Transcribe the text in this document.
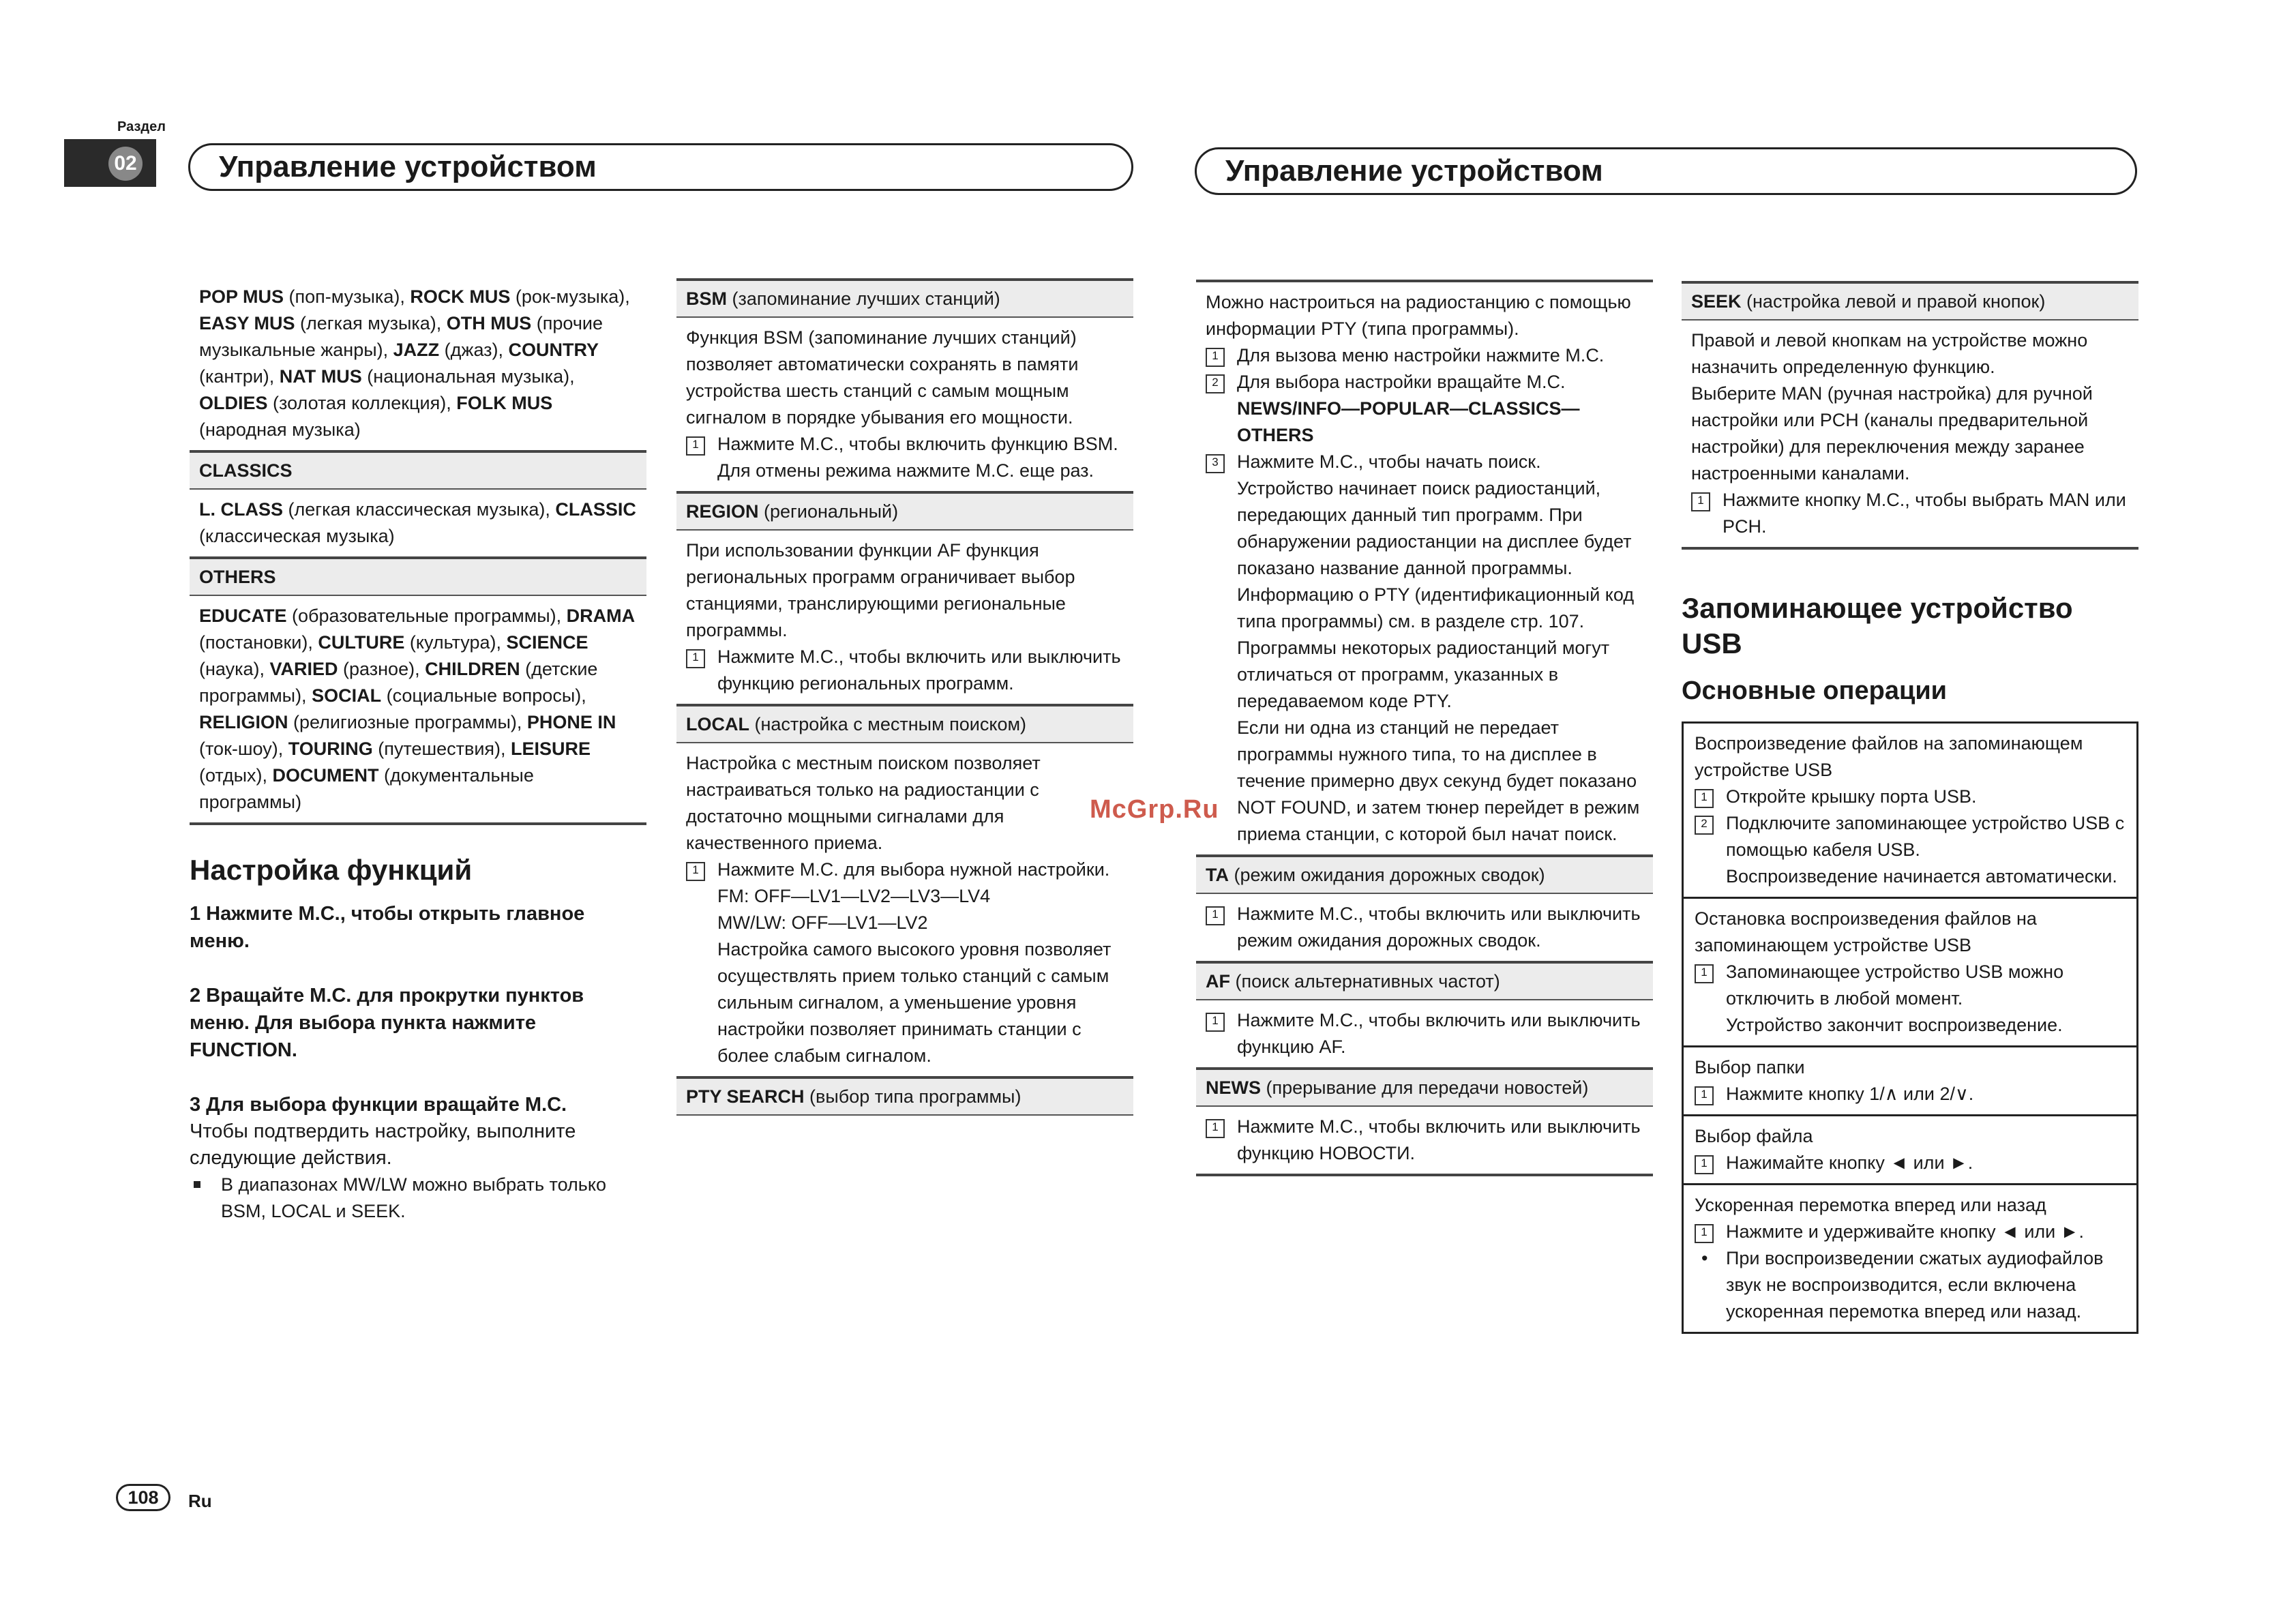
Раздел
02	Управление устройством	Управление устройством

POP MUS (поп-музыка), ROCK MUS (рок-музыка), EASY MUS (легкая музыка), OTH MUS (прочие музыкальные жанры), JAZZ (джаз), COUNTRY (кантри), NAT MUS (национальная музыка), OLDIES (золотая коллекция), FOLK MUS (народная музыка)

CLASSICS

L. CLASS (легкая классическая музыка), CLASSIC (классическая музыка)

OTHERS

EDUCATE (образовательные программы), DRAMA (постановки), CULTURE (культура), SCIENCE (наука), VARIED (разное), CHILDREN (детские программы), SOCIAL (социальные вопросы), RELIGION (религиозные программы), PHONE IN (ток-шоу), TOURING (путешествия), LEISURE (отдых), DOCUMENT (документальные программы)

Настройка функций

1 Нажмите M.C., чтобы открыть главное меню.

2 Вращайте M.C. для прокрутки пунктов меню. Для выбора пункта нажмите FUNCTION.

3 Для выбора функции вращайте M.C.

Чтобы подтвердить настройку, выполните следующие действия.

В диапазонах MW/LW можно выбрать только BSM, LOCAL и SEEK.

BSM (запоминание лучших станций)

Функция BSM (запоминание лучших станций) позволяет автоматически сохранять в памяти устройства шесть станций с самым мощным сигналом в порядке убывания его мощности.

1 Нажмите M.C., чтобы включить функцию BSM.

Для отмены режима нажмите M.C. еще раз.

REGION (региональный)

При использовании функции AF функция региональных программ ограничивает выбор станциями, транслирующими региональные программы.

1 Нажмите M.C., чтобы включить или выключить функцию региональных программ.

LOCAL (настройка с местным поиском)

Настройка с местным поиском позволяет настраиваться только на радиостанции с достаточно мощными сигналами для качественного приема.

1 Нажмите M.C. для выбора нужной настройки.

FM: OFF—LV1—LV2—LV3—LV4

MW/LW: OFF—LV1—LV2

Настройка самого высокого уровня позволяет осуществлять прием только станций с самым сильным сигналом, а уменьшение уровня настройки позволяет принимать станции с более слабым сигналом.

PTY SEARCH (выбор типа программы)

Можно настроиться на радиостанцию с помощью информации PTY (типа программы).

1 Для вызова меню настройки нажмите M.C.

2 Для выбора настройки вращайте M.C.

NEWS/INFO—POPULAR—CLASSICS—OTHERS

3 Нажмите M.C., чтобы начать поиск.

Устройство начинает поиск радиостанций, передающих данный тип программ. При обнаружении радиостанции на дисплее будет показано название данной программы.

Информацию о PTY (идентификационный код типа программы) см. в разделе стр. 107.

Программы некоторых радиостанций могут отличаться от программ, указанных в передаваемом коде PTY.

Если ни одна из станций не передает программы нужного типа, то на дисплее в течение примерно двух секунд будет показано NOT FOUND, и затем тюнер перейдет в режим приема станции, с которой был начат поиск.

TA (режим ожидания дорожных сводок)

1 Нажмите M.C., чтобы включить или выключить режим ожидания дорожных сводок.

AF (поиск альтернативных частот)

1 Нажмите M.C., чтобы включить или выключить функцию AF.

NEWS (прерывание для передачи новостей)

1 Нажмите M.C., чтобы включить или выключить функцию НОВОСТИ.

SEEK (настройка левой и правой кнопок)

Правой и левой кнопкам на устройстве можно назначить определенную функцию.

Выберите MAN (ручная настройка) для ручной настройки или PCH (каналы предварительной настройки) для переключения между заранее настроенными каналами.

1 Нажмите кнопку M.C., чтобы выбрать MAN или PCH.

Запоминающее устройство USB
Основные операции

Воспроизведение файлов на запоминающем устройстве USB

1 Откройте крышку порта USB.

2 Подключите запоминающее устройство USB с помощью кабеля USB.

Воспроизведение начинается автоматически.

Остановка воспроизведения файлов на запоминающем устройстве USB

1 Запоминающее устройство USB можно отключить в любой момент.

Устройство закончит воспроизведение.

Выбор папки

1 Нажмите кнопку 1/∧ или 2/∨.

Выбор файла

1 Нажимайте кнопку ◄ или ►.

Ускоренная перемотка вперед или назад

1 Нажмите и удерживайте кнопку ◄ или ►.

• При воспроизведении сжатых аудиофайлов звук не воспроизводится, если включена ускоренная перемотка вперед или назад.

McGrp.Ru
108	Ru
